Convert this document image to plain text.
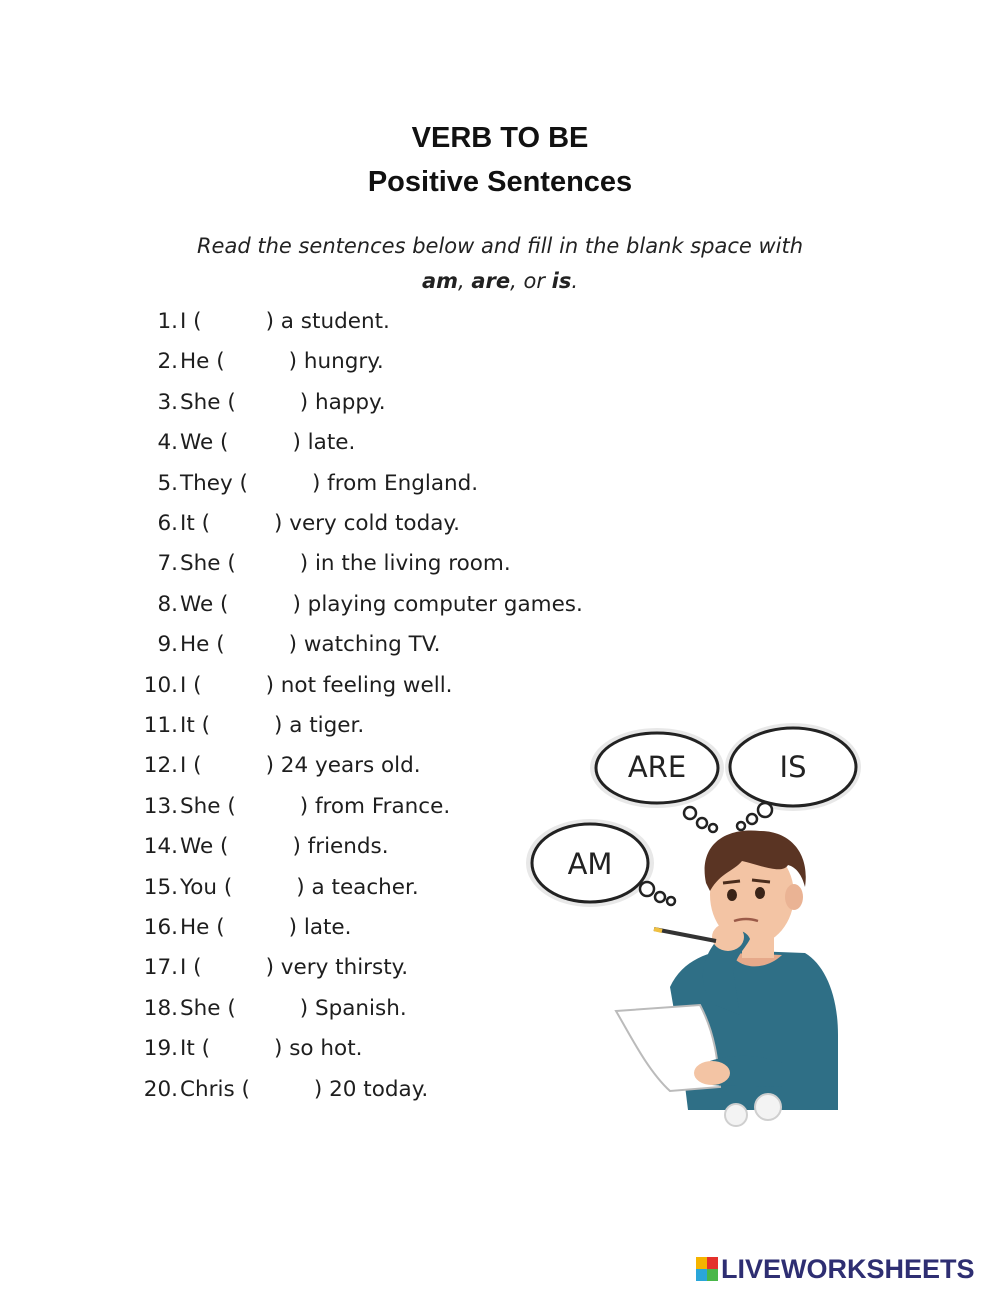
VERB TO BE
Positive Sentences
Read the sentences below and fill in the blank space with
am, are, or is.
1. I (	) a student.
2. He (	) hungry.
3. She (	) happy.
4. We (	) late.
5. They (	) from England.
6. It (	) very cold today.
7. She (	) in the living room.
8. We (	) playing computer games.
9. He (	) watching TV.
10. I (	) not feeling well.
11. It (	) a tiger.
12. I (	) 24 years old.
13. She (	) from France.
14. We (	) friends.
15. You (	) a teacher.
16. He (	) late.
17. I (	) very thirsty.
18. She (	) Spanish.
19. It (	) so hot.
20. Chris (	) 20 today.
ARE	IS
AM
LIVEWORKSHEETS
